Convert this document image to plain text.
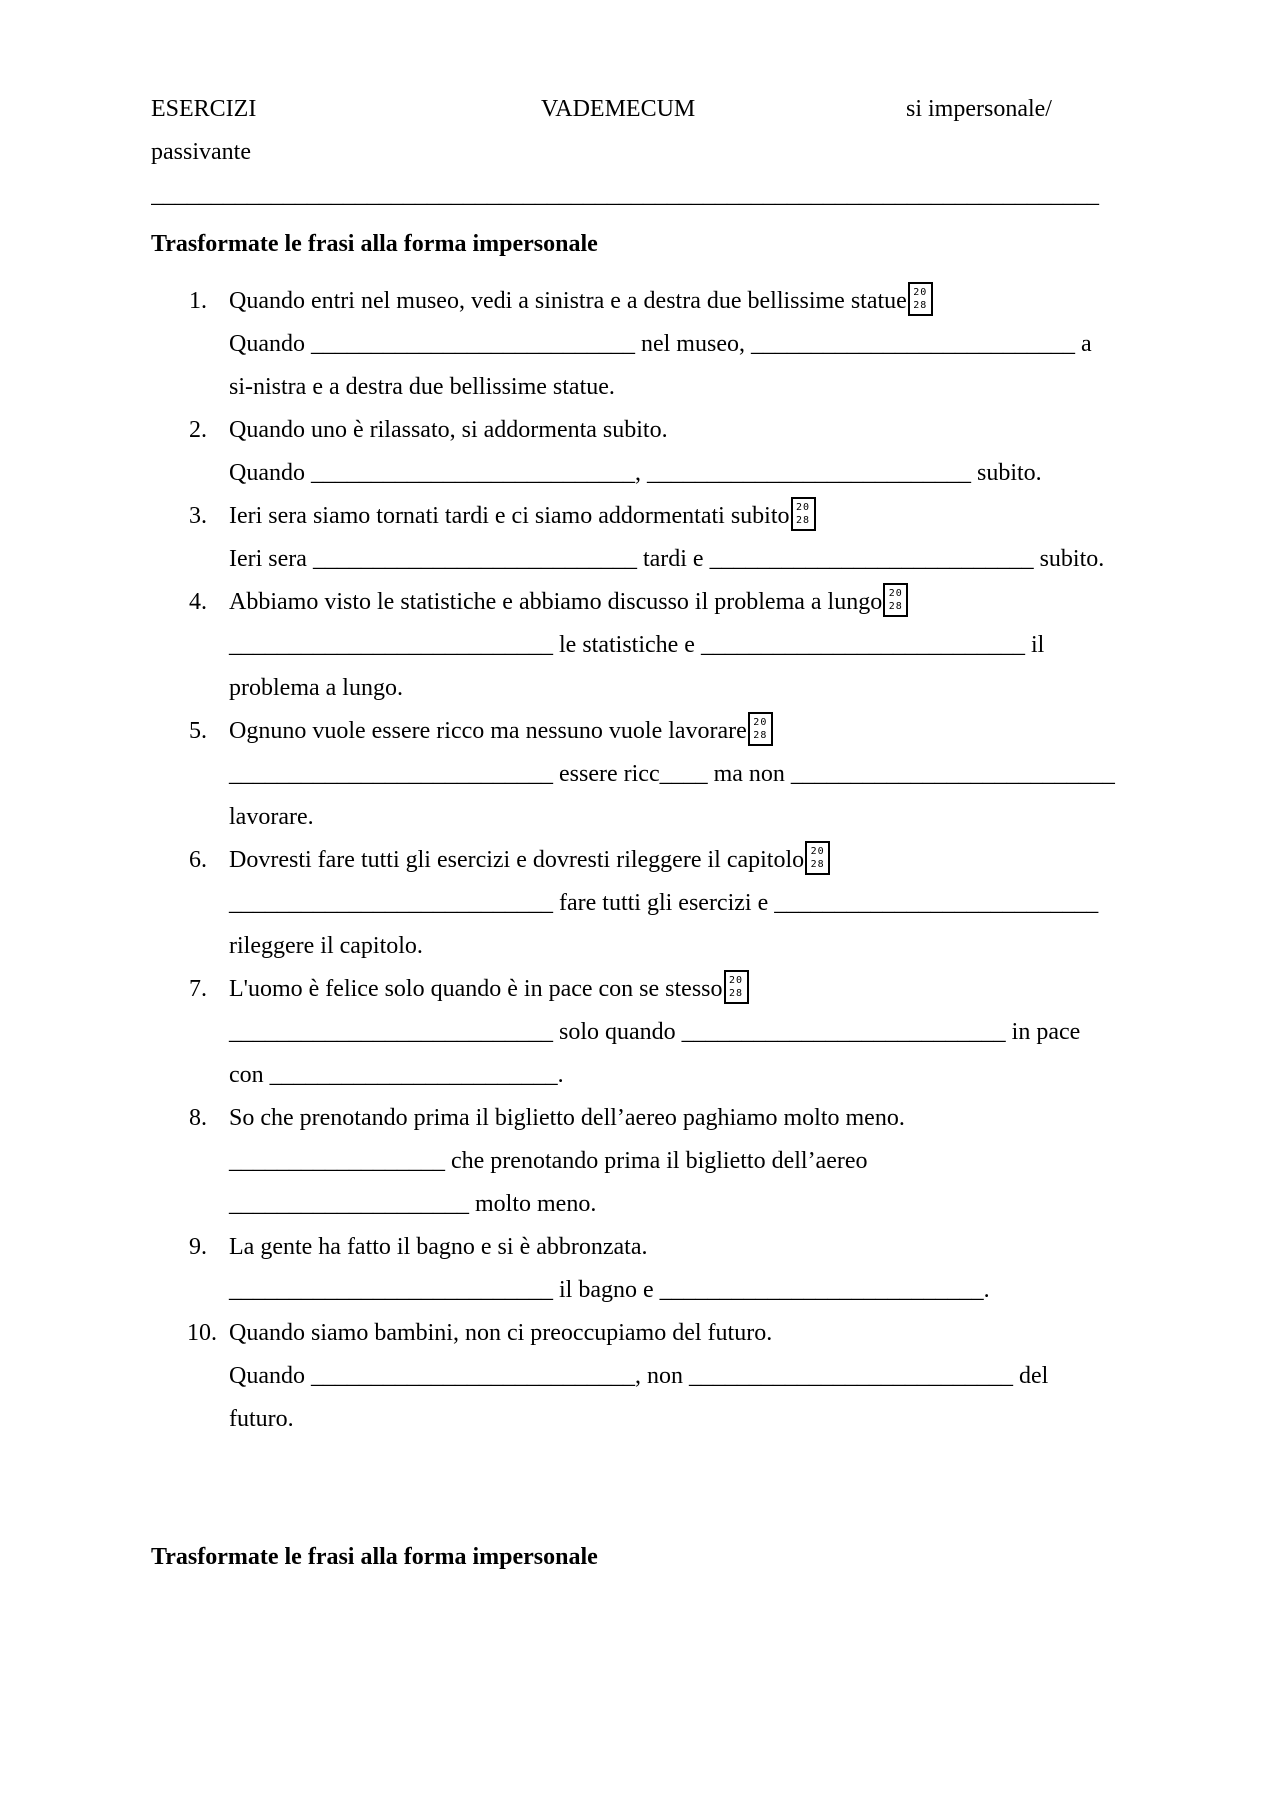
ESERCIZI	VADEMECUM	si impersonale/
passivante
_______________________________________________________________________________
Trasformate le frasi alla forma impersonale
1. Quando entri nel museo, vedi a sinistra e a destra due bellissime statue 20
28
Quando ___________________________ nel museo, ___________________________ a
si-nistra e a destra due bellissime statue.
2. Quando uno è rilassato, si addormenta subito.
Quando ___________________________, ___________________________ subito.
3. Ieri sera siamo tornati tardi e ci siamo addormentati subito 20
28
Ieri sera ___________________________ tardi e ___________________________ subito.
4. Abbiamo visto le statistiche e abbiamo discusso il problema a lungo 20
28
___________________________ le statistiche e ___________________________ il
problema a lungo.
5. Ognuno vuole essere ricco ma nessuno vuole lavorare 20
28
___________________________ essere ricc____ ma non ___________________________
lavorare.
6. Dovresti fare tutti gli esercizi e dovresti rileggere il capitolo 20
28
___________________________ fare tutti gli esercizi e ___________________________
rileggere il capitolo.
7. L'uomo è felice solo quando è in pace con se stesso 20
28
___________________________ solo quando ___________________________ in pace
con ________________________.
8. So che prenotando prima il biglietto dell’aereo paghiamo molto meno.
__________________ che prenotando prima il biglietto dell’aereo
____________________ molto meno.
9. La gente ha fatto il bagno e si è abbronzata.
___________________________ il bagno e ___________________________.
10. Quando siamo bambini, non ci preoccupiamo del futuro.
Quando ___________________________, non ___________________________ del
futuro.
Trasformate le frasi alla forma impersonale
